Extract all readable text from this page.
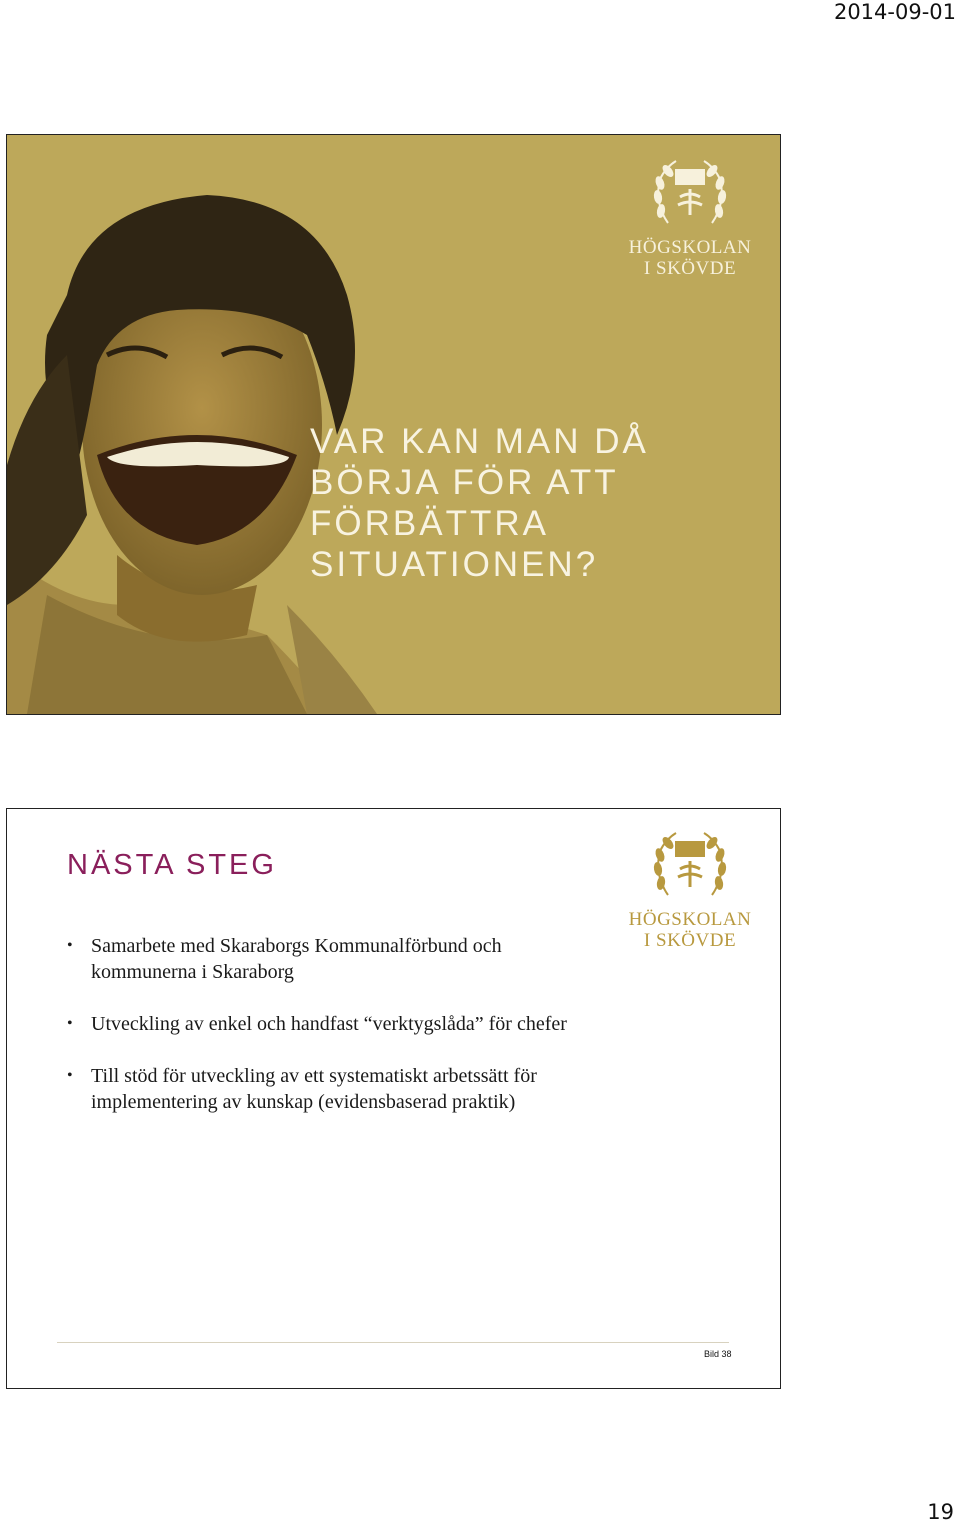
2014-09-01
VAR KAN MAN DÅ
BÖRJA FÖR ATT
FÖRBÄTTRA
SITUATIONEN?
HÖGSKOLAN
I SKÖVDE
NÄSTA STEG
• Samarbete med Skaraborgs Kommunalförbund och kommunerna i Skaraborg
• Utveckling av enkel och handfast “verktygslåda” för chefer
• Till stöd för utveckling av ett systematiskt arbetssätt för implementering av kunskap (evidensbaserad praktik)
HÖGSKOLAN
I SKÖVDE
Bild 38
19
